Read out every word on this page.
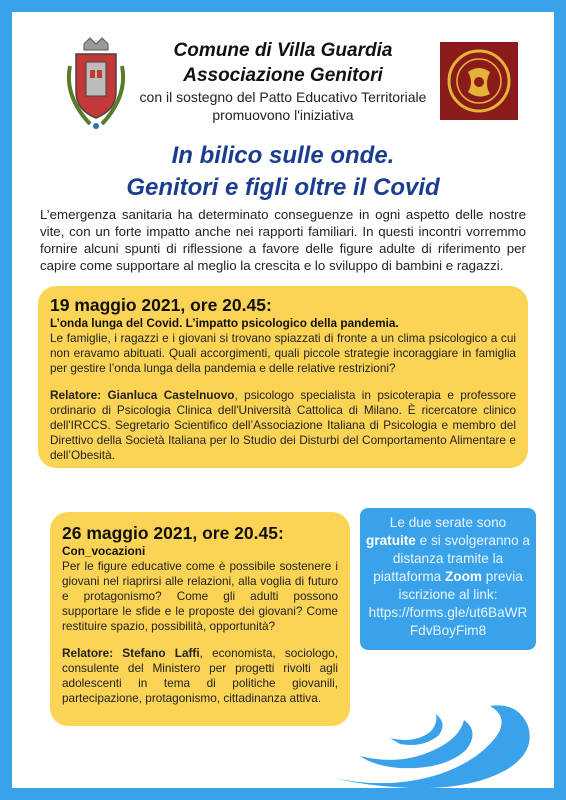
Comune di Villa Guardia
Associazione Genitori
con il sostegno del Patto Educativo Territoriale
promuovono l'iniziativa
In bilico sulle onde.
Genitori e figli oltre il Covid
L’emergenza sanitaria ha determinato conseguenze in ogni aspetto delle nostre vite, con un forte impatto anche nei rapporti familiari. In questi incontri vorremmo fornire alcuni spunti di riflessione a favore delle figure adulte di riferimento per capire come supportare al meglio la crescita e lo sviluppo di bambini e ragazzi.
19 maggio 2021, ore 20.45:
L’onda lunga del Covid. L’impatto psicologico della pandemia.
Le famiglie, i ragazzi e i giovani si trovano spiazzati di fronte a un clima psicologico a cui non eravamo abituati. Quali accorgimenti, quali piccole strategie incoraggiare in famiglia per gestire l’onda lunga della pandemia e delle relative restrizioni?
Relatore: Gianluca Castelnuovo, psicologo specialista in psicoterapia e professore ordinario di Psicologia Clinica dell'Università Cattolica di Milano. È ricercatore clinico dell'IRCCS. Segretario Scientifico dell’Associazione Italiana di Psicologia e membro del Direttivo della Società Italiana per lo Studio dei Disturbi del Comportamento Alimentare e dell’Obesità.
26 maggio 2021, ore 20.45:
Con_vocazioni
Per le figure educative come è possibile sostenere i giovani nel riaprirsi alle relazioni, alla voglia di futuro e protagonismo? Come gli adulti possono supportare le sfide e le proposte dei giovani? Come restituire spazio, possibilità, opportunità?
Relatore: Stefano Laffi, economista, sociologo, consulente del Ministero per progetti rivolti agli adolescenti in tema di politiche giovanili, partecipazione, protagonismo, cittadinanza attiva.
Le due serate sono gratuite e si svolgeranno a distanza tramite la piattaforma Zoom previa iscrizione al link:
https://forms.gle/ut6BaWRFdvBoyFim8
